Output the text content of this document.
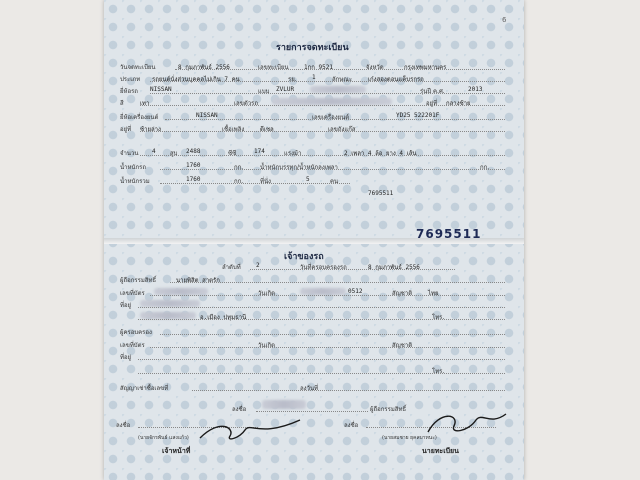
6
รายการจดทะเบียน
วันจดทะเบียน	8 กุมภาพันธ์ 2556	เลขทะเบียน	1กก 9521	จังหวัด	กรุงเทพมหานคร
ประเภท รถยนต์นั่งส่วนบุคคลไม่เกิน 7 คน	รย.	1	ลักษณะ	เก๋งสองตอนแค็บรกรถ
ยี่ห้อรถ NISSAN	แบบ ZVLUR	รุ่นปี ค.ศ.	2013
สี	เทา	เลขตัวรถ	อยู่ที่ กลางซ้าย
ยี่ห้อเครื่องยนต์	NISSAN	เลขเครื่องยนต์	YD25 522201F
อยู่ที่ ซ้ายล่าง	เชื้อเพลิง	ดีเซล	เลขถังแก๊ส
จำนวน 4 สูบ 2488	ซีซี	174	แรงม้า	2 เพลา 4 ล้อ ยาง 4 เส้น
น้ำหนักรถ	1760	กก.	น้ำหนักบรรทุก/น้ำหนักลงเพลา	กก.
น้ำหนักรวม	1760	กก.	ที่นั่ง	5	คน
7695511
7695511
เจ้าของรถ
ลำดับที่	2	วันที่ครอบครองรถ	8 กุมภาพันธ์ 2556
ผู้ถือกรรมสิทธิ์	นายพิสิต สาตรัก
เลขที่บัตร	วันเกิด	0512	สัญชาติ	ไทย
ที่อยู่
อ.เมือง ปทุมธานี	โทร.
ผู้ครอบครอง
เลขที่บัตร	วันเกิด	สัญชาติ
ที่อยู่
โทร.
สัญญาเช่าซื้อเลขที่	ลงวันที่
ลงชื่อ	ผู้ถือกรรมสิทธิ์
ลงชื่อ
(นายจักรพันธ์ แสงแก้ว)
ลงชื่อ
(นายสมชาย ยุคลบาทนะ)
เจ้าหน้าที่	นายทะเบียน
